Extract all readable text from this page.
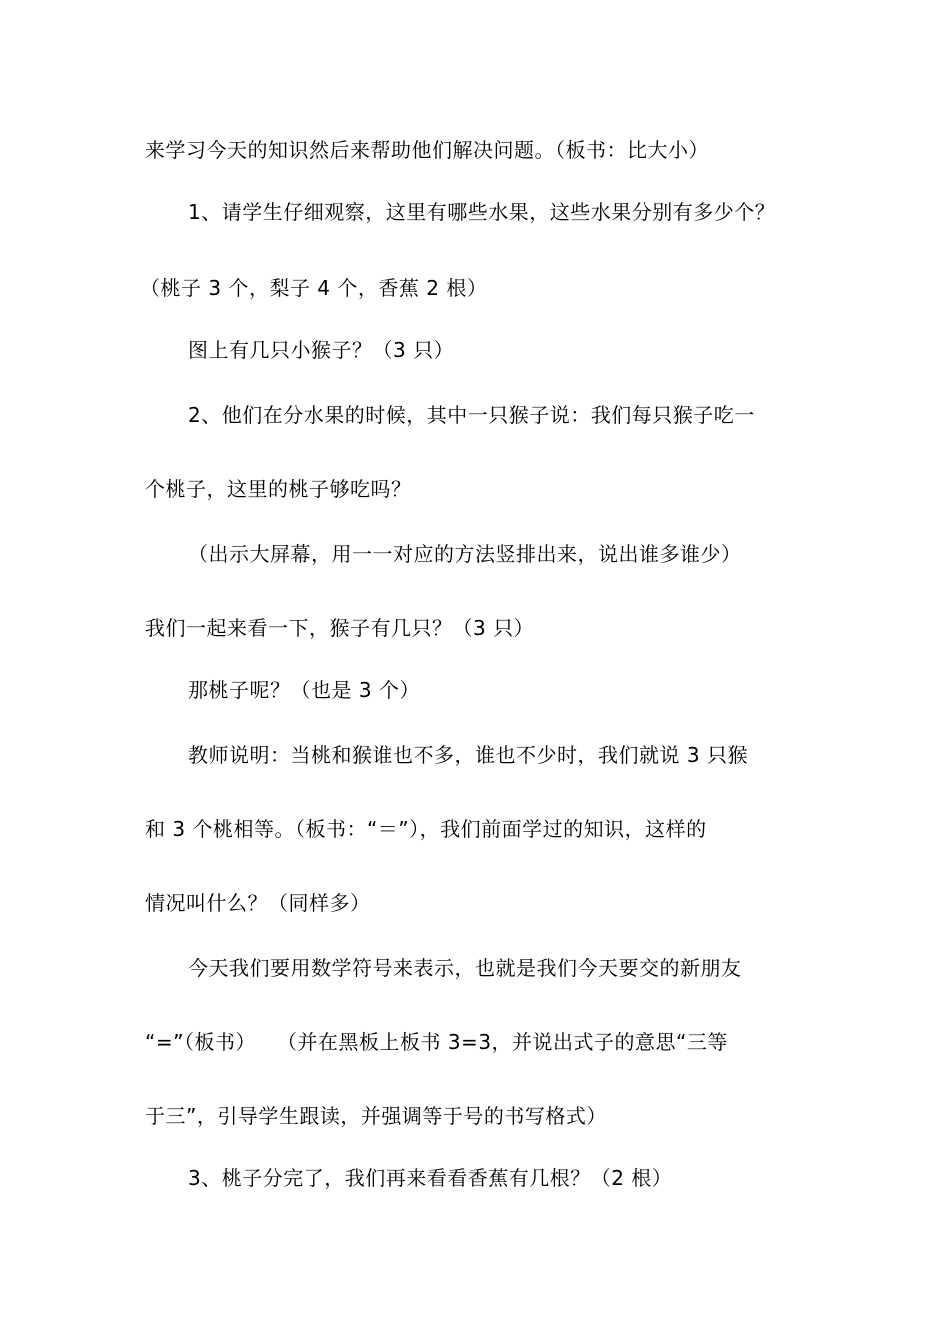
来学习今天的知识然后来帮助他们解决问题。（板书：比大小）
1、请学生仔细观察，这里有哪些水果，这些水果分别有多少个？
（桃子 3 个，梨子 4 个，香蕉 2 根）
图上有几只小猴子？（3 只）
2、他们在分水果的时候，其中一只猴子说：我们每只猴子吃一
个桃子，这里的桃子够吃吗？
（出示大屏幕，用一一对应的方法竖排出来，说出谁多谁少）
我们一起来看一下，猴子有几只？（3 只）
那桃子呢？（也是 3 个）
教师说明：当桃和猴谁也不多，谁也不少时，我们就说 3 只猴
和 3 个桃相等。（板书：“＝”），我们前面学过的知识，这样的
情况叫什么？（同样多）
今天我们要用数学符号来表示，也就是我们今天要交的新朋友
“=”（板书）　　（并在黑板上板书 3=3，并说出式子的意思“三等
于三”，引导学生跟读，并强调等于号的书写格式）
3、桃子分完了，我们再来看看香蕉有几根？（2 根）
